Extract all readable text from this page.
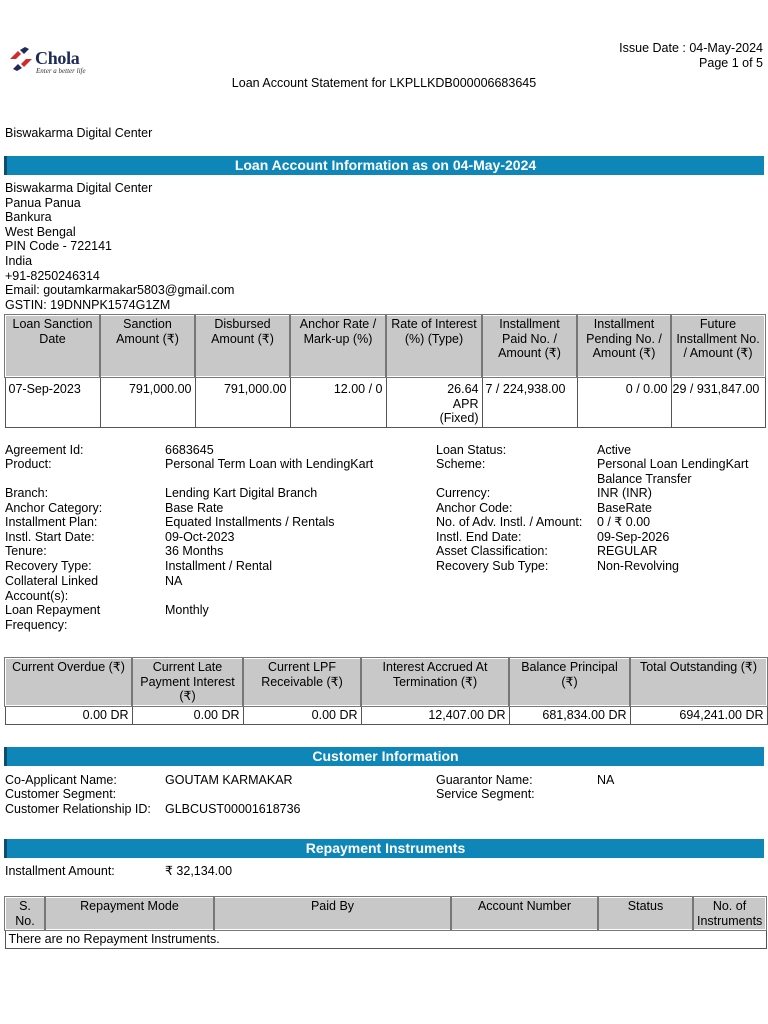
Chola
Enter a better life
Issue Date : 04-May-2024
Page 1 of 5
Loan Account Statement for LKPLLKDB000006683645
Biswakarma Digital Center
Loan Account Information as on 04-May-2024
Biswakarma Digital Center
Panua Panua
Bankura
West Bengal
PIN Code - 722141
India
+91-8250246314
Email: goutamkarmakar5803@gmail.com
GSTIN: 19DNNPK1574G1ZM
Loan Sanction Date	Sanction Amount (₹)	Disbursed Amount (₹)	Anchor Rate / Mark-up (%)	Rate of Interest (%) (Type)	Installment Paid No. / Amount (₹)	Installment Pending No. / Amount (₹)	Future Installment No. / Amount (₹)
07-Sep-2023	791,000.00	791,000.00	12.00 / 0	26.64 APR (Fixed)	7 / 224,938.00	0 / 0.00	29 / 931,847.00
Agreement Id:	6683645
Product:	Personal Term Loan with LendingKart
Branch:	Lending Kart Digital Branch
Anchor Category:	Base Rate
Installment Plan:	Equated Installments / Rentals
Instl. Start Date:	09-Oct-2023
Tenure:	36 Months
Recovery Type:	Installment / Rental
Collateral Linked Account(s):
NA
Loan Repayment Frequency:
Monthly
Loan Status:	Active
Scheme:	Personal Loan LendingKart Balance Transfer
Currency:	INR (INR)
Anchor Code:	BaseRate
No. of Adv. Instl. / Amount: 0 / ₹ 0.00
Instl. End Date:	09-Sep-2026
Asset Classification:	REGULAR
Recovery Sub Type:	Non-Revolving
Current Overdue (₹)	Current Late Payment Interest (₹)	Current LPF Receivable (₹)	Interest Accrued At Termination (₹)	Balance Principal (₹)	Total Outstanding (₹)
0.00 DR	0.00 DR	0.00 DR	12,407.00 DR	681,834.00 DR	694,241.00 DR
Customer Information
Co-Applicant Name:	GOUTAM KARMAKAR
Customer Segment:
Customer Relationship ID: GLBCUST00001618736
Guarantor Name:	NA
Service Segment:
Repayment Instruments
Installment Amount:	₹ 32,134.00
S. No.	Repayment Mode	Paid By	Account Number	Status	No. of Instruments
There are no Repayment Instruments.
